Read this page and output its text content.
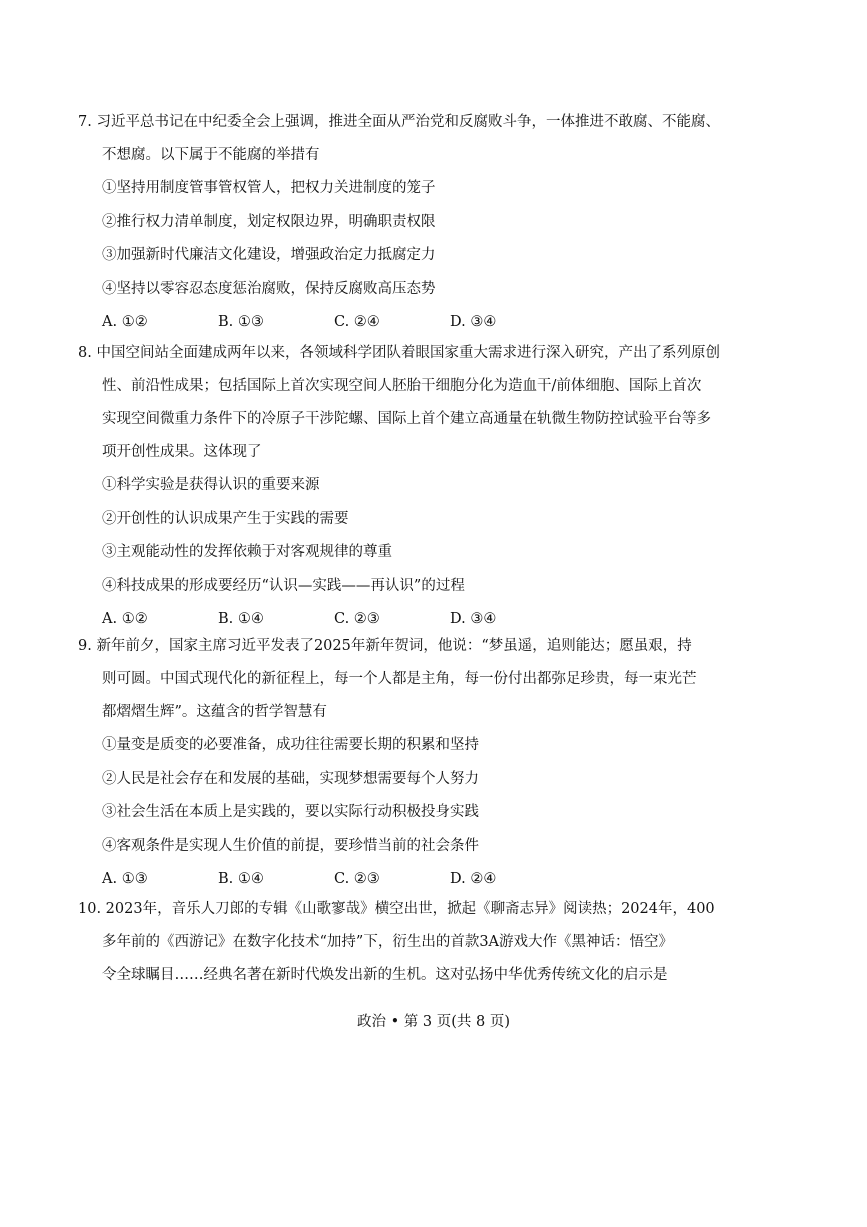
7. 习近平总书记在中纪委全会上强调，推进全面从严治党和反腐败斗争，一体推进不敢腐、不能腐、
不想腐。以下属于不能腐的举措有
①坚持用制度管事管权管人，把权力关进制度的笼子
②推行权力清单制度，划定权限边界，明确职责权限
③加强新时代廉洁文化建设，增强政治定力抵腐定力
④坚持以零容忍态度惩治腐败，保持反腐败高压态势
A. ①②	B. ①③	C. ②④	D. ③④
8. 中国空间站全面建成两年以来，各领域科学团队着眼国家重大需求进行深入研究，产出了系列原创
性、前沿性成果；包括国际上首次实现空间人胚胎干细胞分化为造血干/前体细胞、国际上首次
实现空间微重力条件下的冷原子干涉陀螺、国际上首个建立高通量在轨微生物防控试验平台等多
项开创性成果。这体现了
①科学实验是获得认识的重要来源
②开创性的认识成果产生于实践的需要
③主观能动性的发挥依赖于对客观规律的尊重
④科技成果的形成要经历“认识—实践——再认识”的过程
A. ①②	B. ①④	C. ②③	D. ③④
9. 新年前夕，国家主席习近平发表了2025年新年贺词，他说：“梦虽遥，追则能达；愿虽艰，持
则可圆。中国式现代化的新征程上，每一个人都是主角，每一份付出都弥足珍贵，每一束光芒
都熠熠生辉”。这蕴含的哲学智慧有
①量变是质变的必要准备，成功往往需要长期的积累和坚持
②人民是社会存在和发展的基础，实现梦想需要每个人努力
③社会生活在本质上是实践的，要以实际行动积极投身实践
④客观条件是实现人生价值的前提，要珍惜当前的社会条件
A. ①③	B. ①④	C. ②③	D. ②④
10. 2023年，音乐人刀郎的专辑《山歌寥哉》横空出世，掀起《聊斋志异》阅读热；2024年，400
多年前的《西游记》在数字化技术“加持”下，衍生出的首款3A游戏大作《黑神话：悟空》
令全球瞩目……经典名著在新时代焕发出新的生机。这对弘扬中华优秀传统文化的启示是
政治 • 第 3 页(共 8 页)
